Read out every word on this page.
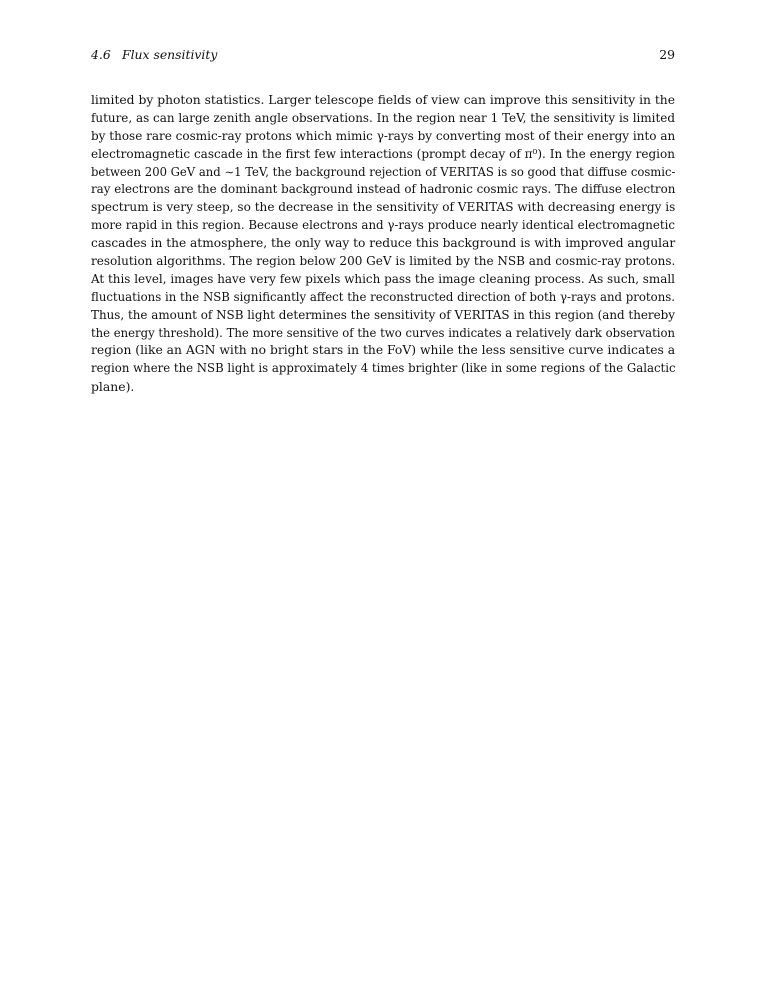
4.6 Flux sensitivity	29
limited by photon statistics. Larger telescope fields of view can improve this sensitivity in the
future, as can large zenith angle observations. In the region near 1 TeV, the sensitivity is limited
by those rare cosmic-ray protons which mimic γ-rays by converting most of their energy into an
electromagnetic cascade in the first few interactions (prompt decay of π⁰). In the energy region
between 200 GeV and ∼1 TeV, the background rejection of VERITAS is so good that diffuse cosmic-
ray electrons are the dominant background instead of hadronic cosmic rays. The diffuse electron
spectrum is very steep, so the decrease in the sensitivity of VERITAS with decreasing energy is
more rapid in this region. Because electrons and γ-rays produce nearly identical electromagnetic
cascades in the atmosphere, the only way to reduce this background is with improved angular
resolution algorithms. The region below 200 GeV is limited by the NSB and cosmic-ray protons.
At this level, images have very few pixels which pass the image cleaning process. As such, small
fluctuations in the NSB significantly affect the reconstructed direction of both γ-rays and protons.
Thus, the amount of NSB light determines the sensitivity of VERITAS in this region (and thereby
the energy threshold). The more sensitive of the two curves indicates a relatively dark observation
region (like an AGN with no bright stars in the FoV) while the less sensitive curve indicates a
region where the NSB light is approximately 4 times brighter (like in some regions of the Galactic
plane).
